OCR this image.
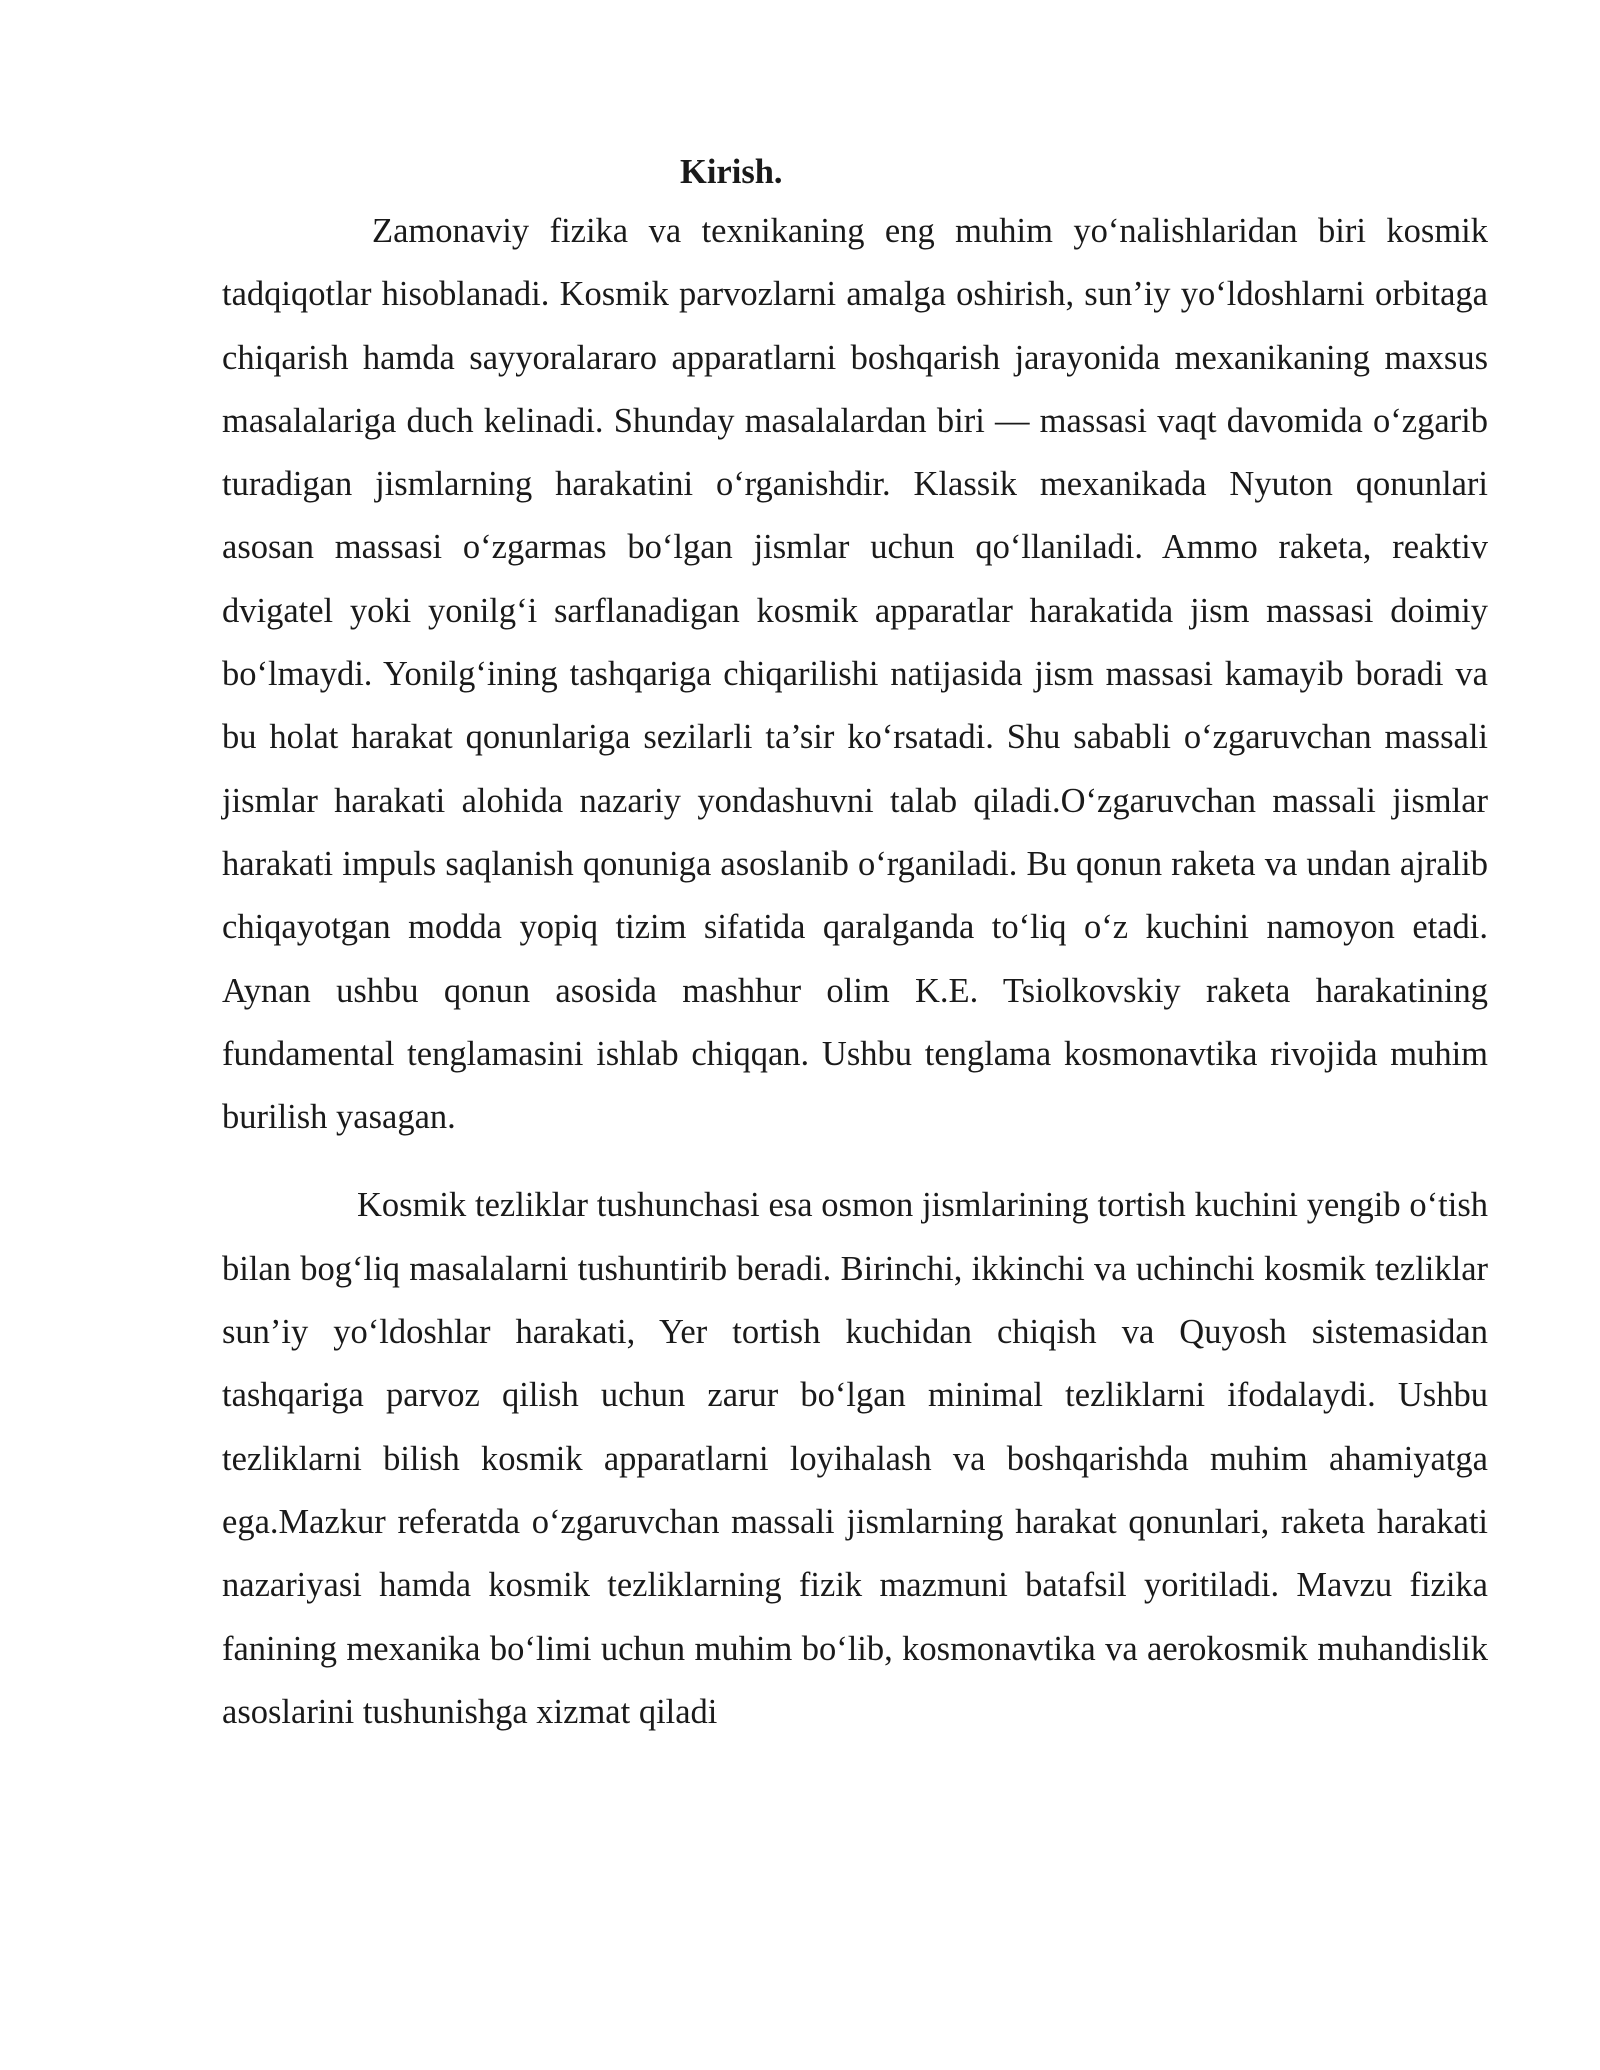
Kirish.

Zamonaviy fizika va texnikaning eng muhim yo‘nalishlaridan biri kosmik tadqiqotlar hisoblanadi. Kosmik parvozlarni amalga oshirish, sun’iy yo‘ldoshlarni orbitaga chiqarish hamda sayyoralararo apparatlarni boshqarish jarayonida mexanikaning maxsus masalalariga duch kelinadi. Shunday masalalardan biri — massasi vaqt davomida o‘zgarib turadigan jismlarning harakatini o‘rganishdir. Klassik mexanikada Nyuton qonunlari asosan massasi o‘zgarmas bo‘lgan jismlar uchun qo‘llaniladi. Ammo raketa, reaktiv dvigatel yoki yonilg‘i sarflanadigan kosmik apparatlar harakatida jism massasi doimiy bo‘lmaydi. Yonilg‘ining tashqariga chiqarilishi natijasida jism massasi kamayib boradi va bu holat harakat qonunlariga sezilarli ta’sir ko‘rsatadi. Shu sababli o‘zgaruvchan massali jismlar harakati alohida nazariy yondashuvni talab qiladi.O‘zgaruvchan massali jismlar harakati impuls saqlanish qonuniga asoslanib o‘rganiladi. Bu qonun raketa va undan ajralib chiqayotgan modda yopiq tizim sifatida qaralganda to‘liq o‘z kuchini namoyon etadi. Aynan ushbu qonun asosida mashhur olim K.E. Tsiolkovskiy raketa harakatining fundamental tenglamasini ishlab chiqqan. Ushbu tenglama kosmonavtika rivojida muhim burilish yasagan.

Kosmik tezliklar tushunchasi esa osmon jismlarining tortish kuchini yengib o‘tish bilan bog‘liq masalalarni tushuntirib beradi. Birinchi, ikkinchi va uchinchi kosmik tezliklar sun’iy yo‘ldoshlar harakati, Yer tortish kuchidan chiqish va Quyosh sistemasidan tashqariga parvoz qilish uchun zarur bo‘lgan minimal tezliklarni ifodalaydi. Ushbu tezliklarni bilish kosmik apparatlarni loyihalash va boshqarishda muhim ahamiyatga ega.Mazkur referatda o‘zgaruvchan massali jismlarning harakat qonunlari, raketa harakati nazariyasi hamda kosmik tezliklarning fizik mazmuni batafsil yoritiladi. Mavzu fizika fanining mexanika bo‘limi uchun muhim bo‘lib, kosmonavtika va aerokosmik muhandislik asoslarini tushunishga xizmat qiladi
